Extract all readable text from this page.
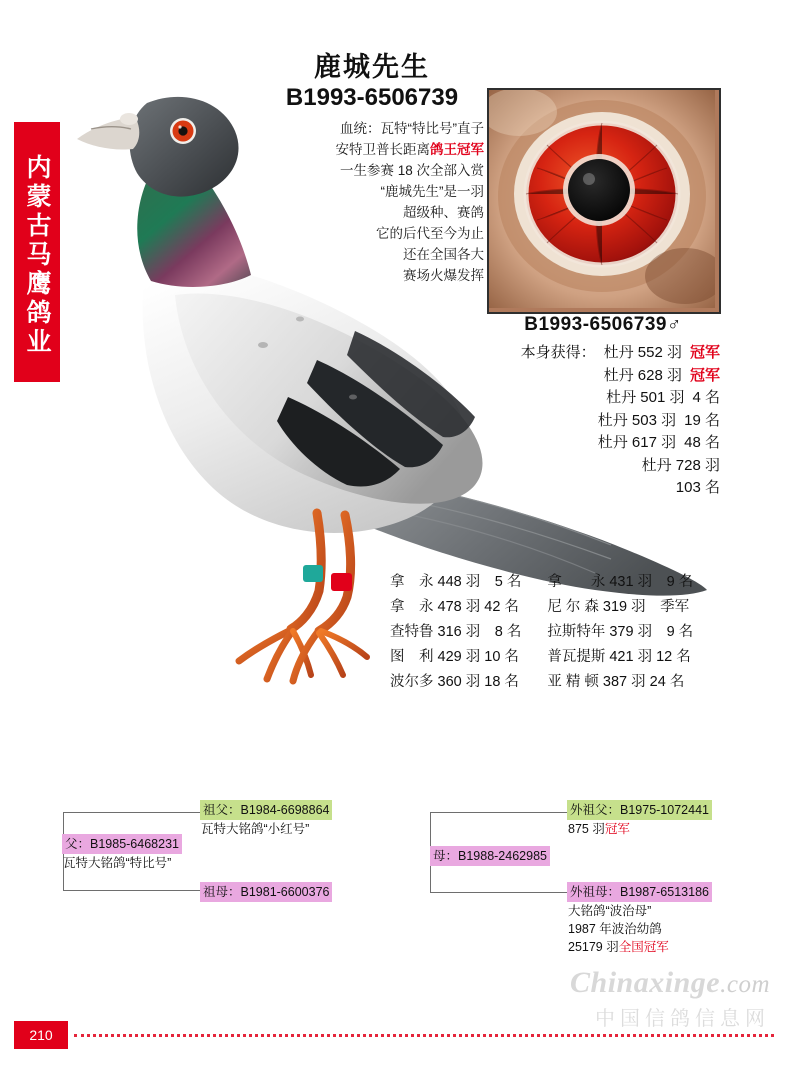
内蒙古马鹰鸽业
鹿城先生
B1993-6506739
血统：瓦特“特比号”直子
安特卫普长距离鸽王冠军
一生参赛 18 次全部入赏
“鹿城先生”是一羽
超级种、赛鸽
它的后代至今为止
还在全国各大
赛场火爆发挥
B1993-6506739♂
本身获得： 杜丹 552 羽 冠军
杜丹 628 羽 冠军
杜丹 501 羽 4 名
杜丹 503 羽 19 名
杜丹 617 羽 48 名
杜丹 728 羽
103 名
拿　永 448 羽　5 名
拿　永 478 羽 42 名
查特鲁 316 羽　8 名
图　利 429 羽 10 名
波尔多 360 羽 18 名
拿　　永 431 羽　9 名
尼 尔 森 319 羽　季军
拉斯特年 379 羽　9 名
普瓦提斯 421 羽 12 名
亚 精 顿 387 羽 24 名
父：B1985-6468231
瓦特大铭鸽“特比号”
祖父：B1984-6698864
瓦特大铭鸽“小红号”
祖母：B1981-6600376
母：B1988-2462985
外祖父：B1975-1072441
875 羽冠军
外祖母：B1987-6513186
大铭鸽“波治母”
1987 年波治幼鸽
25179 羽全国冠军
210
Chinaxinge.com
中国信鸽信息网
